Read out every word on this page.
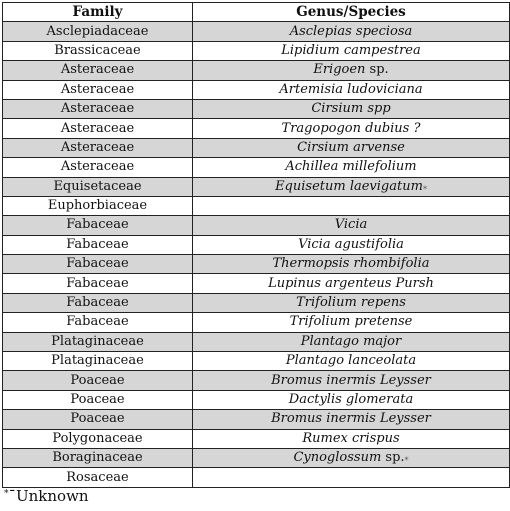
Family	Genus/Species
Asclepiadaceae	Asclepias speciosa
Brassicaceae	Lipidium campestrea
Asteraceae	Erigoen sp.
Asteraceae	Artemisia ludoviciana
Asteraceae	Cirsium spp
Asteraceae	Tragopogon dubius ?
Asteraceae	Cirsium arvense
Asteraceae	Achillea millefolium
Equisetaceae	Equisetum laevigatum*
Euphorbiaceae	
Fabaceae	Vicia
Fabaceae	Vicia agustifolia
Fabaceae	Thermopsis rhombifolia
Fabaceae	Lupinus argenteus Pursh
Fabaceae	Trifolium repens
Fabaceae	Trifolium pretense
Plataginaceae	Plantago major
Plataginaceae	Plantago lanceolata
Poaceae	Bromus inermis Leysser
Poaceae	Dactylis glomerata
Poaceae	Bromus inermis Leysser
Polygonaceae	Rumex crispus
Boraginaceae	Cynoglossum sp.*
Rosaceae	
*¯Unknown
